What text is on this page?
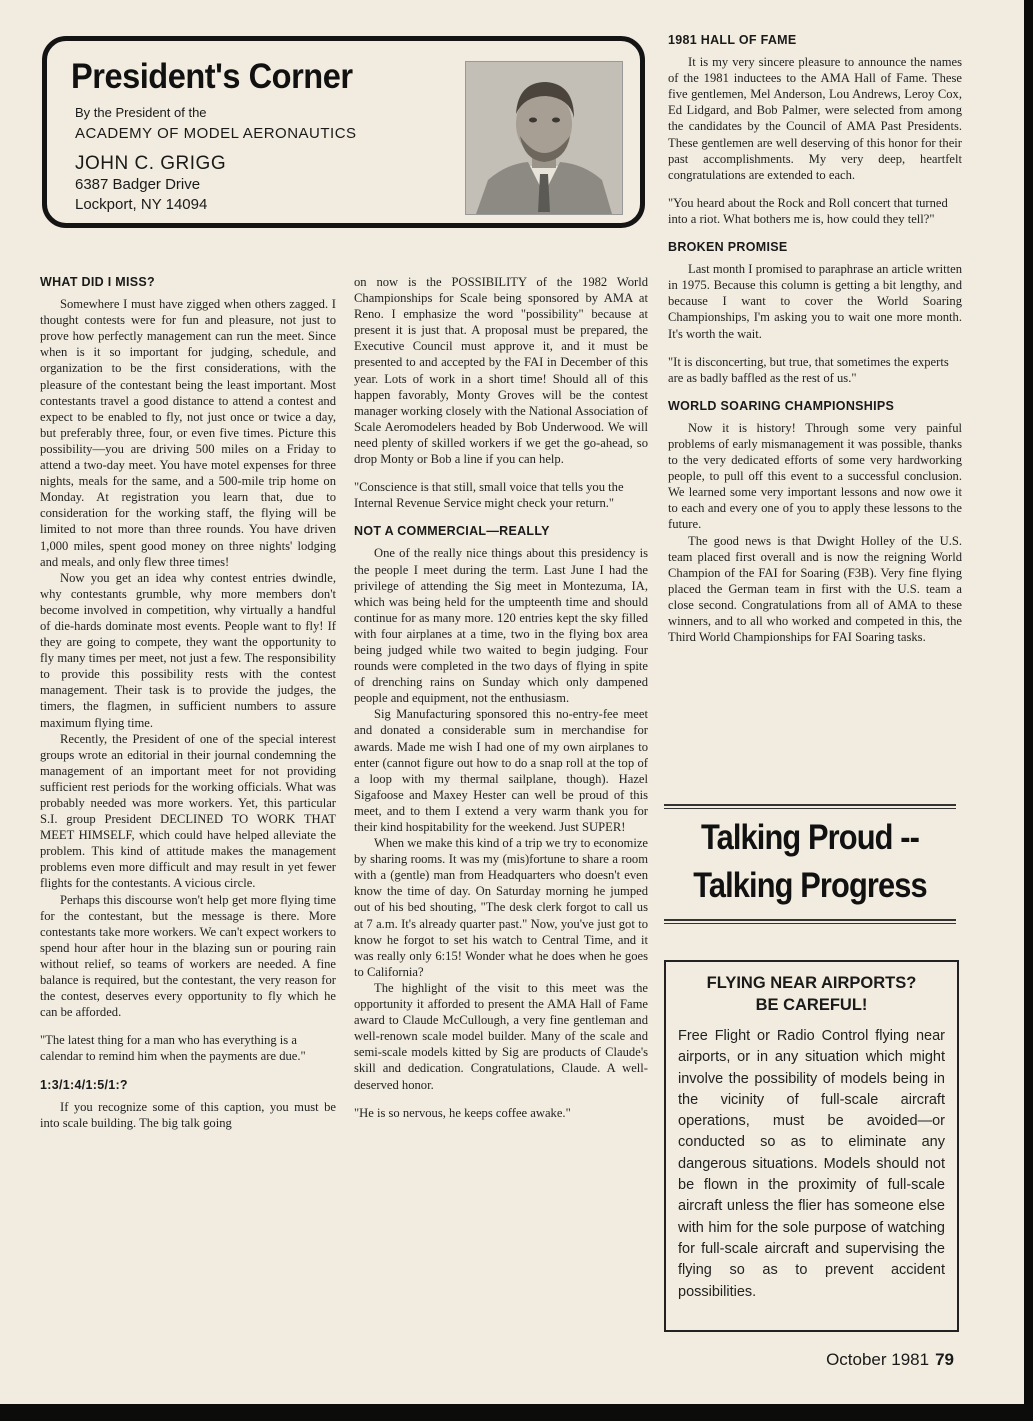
President's Corner

By the President of the

ACADEMY OF MODEL AERONAUTICS

JOHN C. GRIGG

6387 Badger Drive

Lockport, NY 14094

WHAT DID I MISS?

Somewhere I must have zigged when others zagged. I thought contests were for fun and pleasure, not just to prove how perfectly management can run the meet. Since when is it so important for judging, schedule, and organization to be the first considerations, with the pleasure of the contestant being the least important. Most contestants travel a good distance to attend a contest and expect to be enabled to fly, not just once or twice a day, but preferably three, four, or even five times. Picture this possibility—you are driving 500 miles on a Friday to attend a two-day meet. You have motel expenses for three nights, meals for the same, and a 500-mile trip home on Monday. At registration you learn that, due to consideration for the working staff, the flying will be limited to not more than three rounds. You have driven 1,000 miles, spent good money on three nights' lodging and meals, and only flew three times!

Now you get an idea why contest entries dwindle, why contestants grumble, why more members don't become involved in competition, why virtually a handful of die-hards dominate most events. People want to fly! If they are going to compete, they want the opportunity to fly many times per meet, not just a few. The responsibility to provide this possibility rests with the contest management. Their task is to provide the judges, the timers, the flagmen, in sufficient numbers to assure maximum flying time.

Recently, the President of one of the special interest groups wrote an editorial in their journal condemning the management of an important meet for not providing sufficient rest periods for the working officials. What was probably needed was more workers. Yet, this particular S.I. group President DECLINED TO WORK THAT MEET HIMSELF, which could have helped alleviate the problem. This kind of attitude makes the management problems even more difficult and may result in yet fewer flights for the contestants. A vicious circle.

Perhaps this discourse won't help get more flying time for the contestant, but the message is there. More contestants take more workers. We can't expect workers to spend hour after hour in the blazing sun or pouring rain without relief, so teams of workers are needed. A fine balance is required, but the contestant, the very reason for the contest, deserves every opportunity to fly which he can be afforded.

"The latest thing for a man who has everything is a calendar to remind him when the payments are due."

1:3/1:4/1:5/1:?

If you recognize some of this caption, you must be into scale building. The big talk going

on now is the POSSIBILITY of the 1982 World Championships for Scale being sponsored by AMA at Reno. I emphasize the word "possibility" because at present it is just that. A proposal must be prepared, the Executive Council must approve it, and it must be presented to and accepted by the FAI in December of this year. Lots of work in a short time! Should all of this happen favorably, Monty Groves will be the contest manager working closely with the National Association of Scale Aeromodelers headed by Bob Underwood. We will need plenty of skilled workers if we get the go-ahead, so drop Monty or Bob a line if you can help.

"Conscience is that still, small voice that tells you the Internal Revenue Service might check your return."

NOT A COMMERCIAL—REALLY

One of the really nice things about this presidency is the people I meet during the term. Last June I had the privilege of attending the Sig meet in Montezuma, IA, which was being held for the umpteenth time and should continue for as many more. 120 entries kept the sky filled with four airplanes at a time, two in the flying box area being judged while two waited to begin judging. Four rounds were completed in the two days of flying in spite of drenching rains on Sunday which only dampened people and equipment, not the enthusiasm.

Sig Manufacturing sponsored this no-entry-fee meet and donated a considerable sum in merchandise for awards. Made me wish I had one of my own airplanes to enter (cannot figure out how to do a snap roll at the top of a loop with my thermal sailplane, though). Hazel Sigafoose and Maxey Hester can well be proud of this meet, and to them I extend a very warm thank you for their kind hospitability for the weekend. Just SUPER!

When we make this kind of a trip we try to economize by sharing rooms. It was my (mis)fortune to share a room with a (gentle) man from Headquarters who doesn't even know the time of day. On Saturday morning he jumped out of his bed shouting, "The desk clerk forgot to call us at 7 a.m. It's already quarter past." Now, you've just got to know he forgot to set his watch to Central Time, and it was really only 6:15! Wonder what he does when he goes to California?

The highlight of the visit to this meet was the opportunity it afforded to present the AMA Hall of Fame award to Claude McCullough, a very fine gentleman and well-renown scale model builder. Many of the scale and semi-scale models kitted by Sig are products of Claude's skill and dedication. Congratulations, Claude. A well-deserved honor.

"He is so nervous, he keeps coffee awake."

1981 HALL OF FAME

It is my very sincere pleasure to announce the names of the 1981 inductees to the AMA Hall of Fame. These five gentlemen, Mel Anderson, Lou Andrews, Leroy Cox, Ed Lidgard, and Bob Palmer, were selected from among the candidates by the Council of AMA Past Presidents. These gentlemen are well deserving of this honor for their past accomplishments. My very deep, heartfelt congratulations are extended to each.

"You heard about the Rock and Roll concert that turned into a riot. What bothers me is, how could they tell?"

BROKEN PROMISE

Last month I promised to paraphrase an article written in 1975. Because this column is getting a bit lengthy, and because I want to cover the World Soaring Championships, I'm asking you to wait one more month. It's worth the wait.

"It is disconcerting, but true, that sometimes the experts are as badly baffled as the rest of us."

WORLD SOARING CHAMPIONSHIPS

Now it is history! Through some very painful problems of early mismanagement it was possible, thanks to the very dedicated efforts of some very hardworking people, to pull off this event to a successful conclusion. We learned some very important lessons and now owe it to each and every one of you to apply these lessons to the future.

The good news is that Dwight Holley of the U.S. team placed first overall and is now the reigning World Champion of the FAI for Soaring (F3B). Very fine flying placed the German team in first with the U.S. team a close second. Congratulations from all of AMA to these winners, and to all who worked and competed in this, the Third World Championships for FAI Soaring tasks.

Talking Proud --
Talking Progress

FLYING NEAR AIRPORTS?
BE CAREFUL!

Free Flight or Radio Control flying near airports, or in any situation which might involve the possibility of models being in the vicinity of full-scale aircraft operations, must be avoided—or conducted so as to eliminate any dangerous situations. Models should not be flown in the proximity of full-scale aircraft unless the flier has someone else with him for the sole purpose of watching for full-scale aircraft and supervising the flying so as to prevent accident possibilities.

October 1981 79
